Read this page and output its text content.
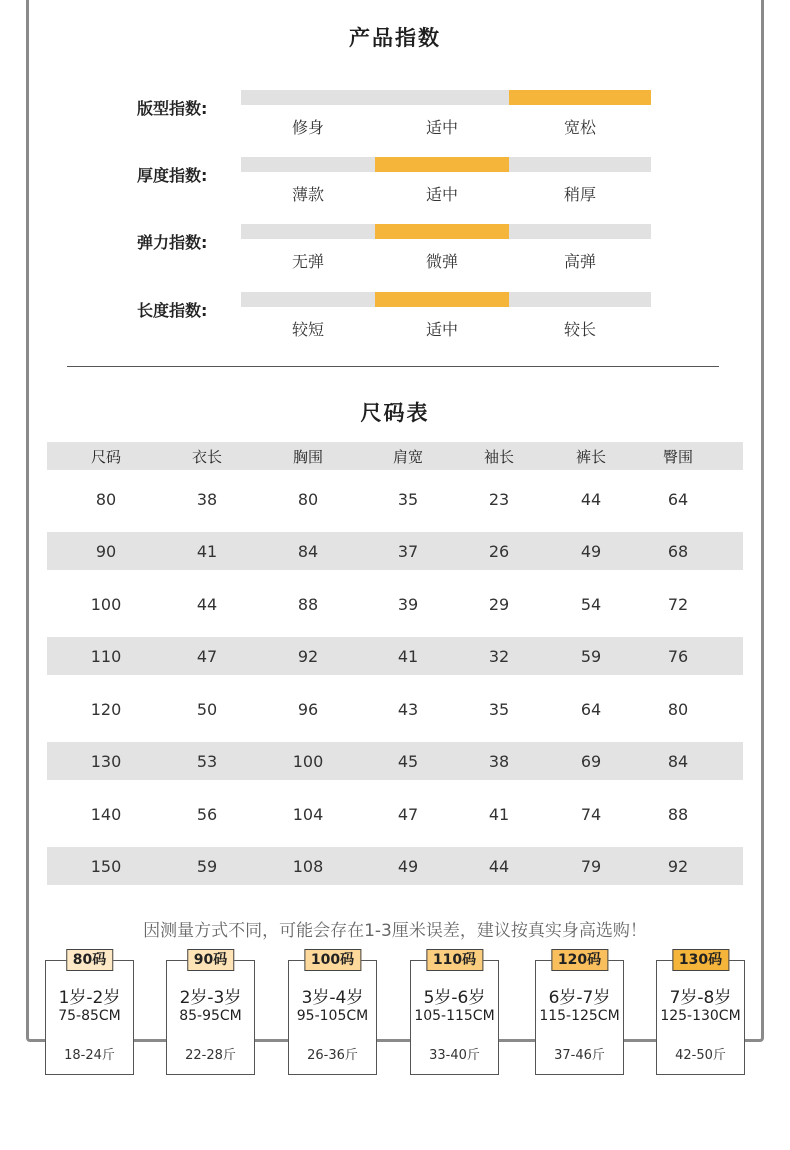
产品指数
版型指数:
修身	适中	宽松
厚度指数:
薄款	适中	稍厚
弹力指数:
无弹	微弹	高弹
长度指数:
较短	适中	较长
尺码表
尺码	衣长	胸围	肩宽	袖长	裤长	臀围
80	38	80	35	23	44	64
90	41	84	37	26	49	68
100	44	88	39	29	54	72
110	47	92	41	32	59	76
120	50	96	43	35	64	80
130	53	100	45	38	69	84
140	56	104	47	41	74	88
150	59	108	49	44	79	92
因测量方式不同，可能会存在1-3厘米误差，建议按真实身高选购！
80码
1岁-2岁
75-85CM
18-24斤
90码
2岁-3岁
85-95CM
22-28斤
100码
3岁-4岁
95-105CM
26-36斤
110码
5岁-6岁
105-115CM
33-40斤
120码
6岁-7岁
115-125CM
37-46斤
130码
7岁-8岁
125-130CM
42-50斤
